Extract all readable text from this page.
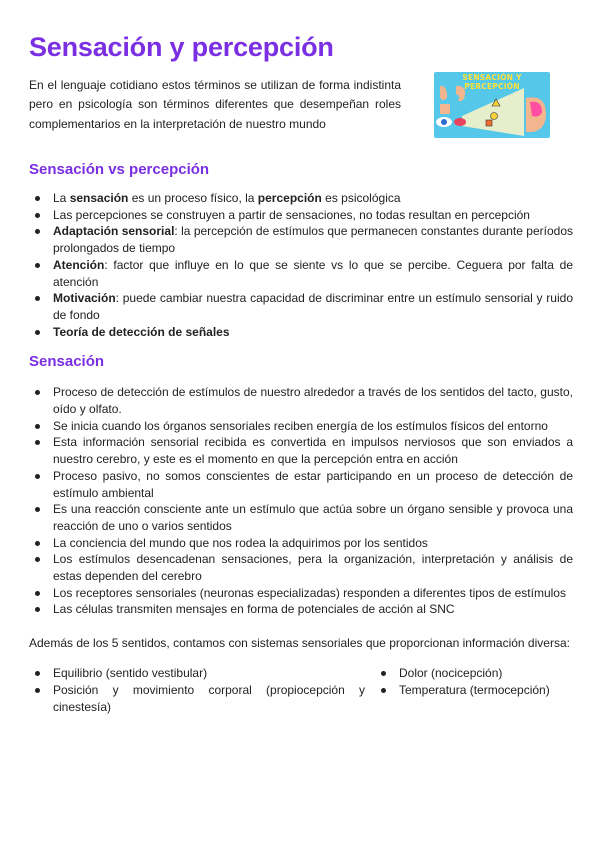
Sensación y percepción

En el lenguaje cotidiano estos términos se utilizan de forma indistinta pero en psicología son términos diferentes que desempeñan roles complementarios en la interpretación de nuestro mundo

SENSACIÓN Y PERCEPCIÓN
Sensación vs percepción
La sensación es un proceso físico, la percepción es psicológica
Las percepciones se construyen a partir de sensaciones, no todas resultan en percepción
Adaptación sensorial: la percepción de estímulos que permanecen constantes durante períodos prolongados de tiempo
Atención: factor que influye en lo que se siente vs lo que se percibe. Ceguera por falta de atención
Motivación: puede cambiar nuestra capacidad de discriminar entre un estímulo sensorial y ruido de fondo
Teoría de detección de señales
Sensación
Proceso de detección de estímulos de nuestro alrededor a través de los sentidos del tacto, gusto, oído y olfato.
Se inicia cuando los órganos sensoriales reciben energía de los estímulos físicos del entorno
Esta información sensorial recibida es convertida en impulsos nerviosos que son enviados a nuestro cerebro, y este es el momento en que la percepción entra en acción
Proceso pasivo, no somos conscientes de estar participando en un proceso de detección de estímulo ambiental
Es una reacción consciente ante un estímulo que actúa sobre un órgano sensible y provoca una reacción de uno o varios sentidos
La conciencia del mundo que nos rodea la adquirimos por los sentidos
Los estímulos desencadenan sensaciones, pera la organización, interpretación y análisis de estas dependen del cerebro
Los receptores sensoriales (neuronas especializadas) responden a diferentes tipos de estímulos
Las células transmiten mensajes en forma de potenciales de acción al SNC

Además de los 5 sentidos, contamos con sistemas sensoriales que proporcionan información diversa:

Equilibrio (sentido vestibular)
Posición y movimiento corporal (propiocepción y cinestesía)
Dolor (nocicepción)
Temperatura (termocepción)
